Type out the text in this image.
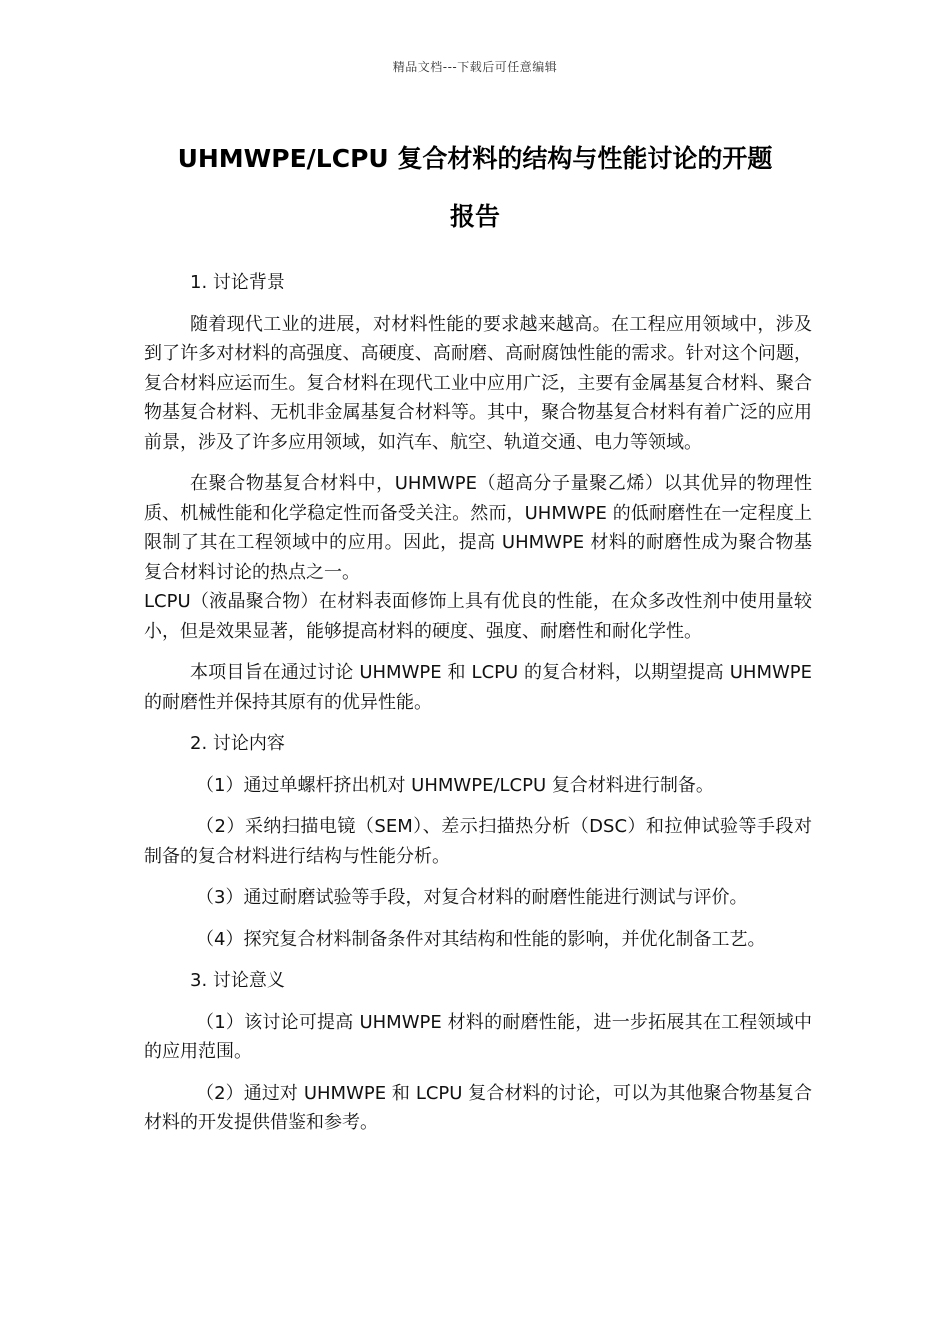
精品文档---下载后可任意编辑
UHMWPE/LCPU 复合材料的结构与性能讨论的开题
报告

1. 讨论背景

随着现代工业的进展，对材料性能的要求越来越高。在工程应用领域中，涉及到了许多对材料的高强度、高硬度、高耐磨、高耐腐蚀性能的需求。针对这个问题，复合材料应运而生。复合材料在现代工业中应用广泛，主要有金属基复合材料、聚合物基复合材料、无机非金属基复合材料等。其中，聚合物基复合材料有着广泛的应用前景，涉及了许多应用领域，如汽车、航空、轨道交通、电力等领域。

在聚合物基复合材料中，UHMWPE（超高分子量聚乙烯）以其优异的物理性质、机械性能和化学稳定性而备受关注。然而，UHMWPE 的低耐磨性在一定程度上限制了其在工程领域中的应用。因此，提高 UHMWPE 材料的耐磨性成为聚合物基复合材料讨论的热点之一。
LCPU（液晶聚合物）在材料表面修饰上具有优良的性能，在众多改性剂中使用量较小，但是效果显著，能够提高材料的硬度、强度、耐磨性和耐化学性。

本项目旨在通过讨论 UHMWPE 和 LCPU 的复合材料，以期望提高 UHMWPE 的耐磨性并保持其原有的优异性能。

2. 讨论内容

（1）通过单螺杆挤出机对 UHMWPE/LCPU 复合材料进行制备。

（2）采纳扫描电镜（SEM）、差示扫描热分析（DSC）和拉伸试验等手段对制备的复合材料进行结构与性能分析。

（3）通过耐磨试验等手段，对复合材料的耐磨性能进行测试与评价。

（4）探究复合材料制备条件对其结构和性能的影响，并优化制备工艺。

3. 讨论意义

（1）该讨论可提高 UHMWPE 材料的耐磨性能，进一步拓展其在工程领域中的应用范围。

（2）通过对 UHMWPE 和 LCPU 复合材料的讨论，可以为其他聚合物基复合材料的开发提供借鉴和参考。
